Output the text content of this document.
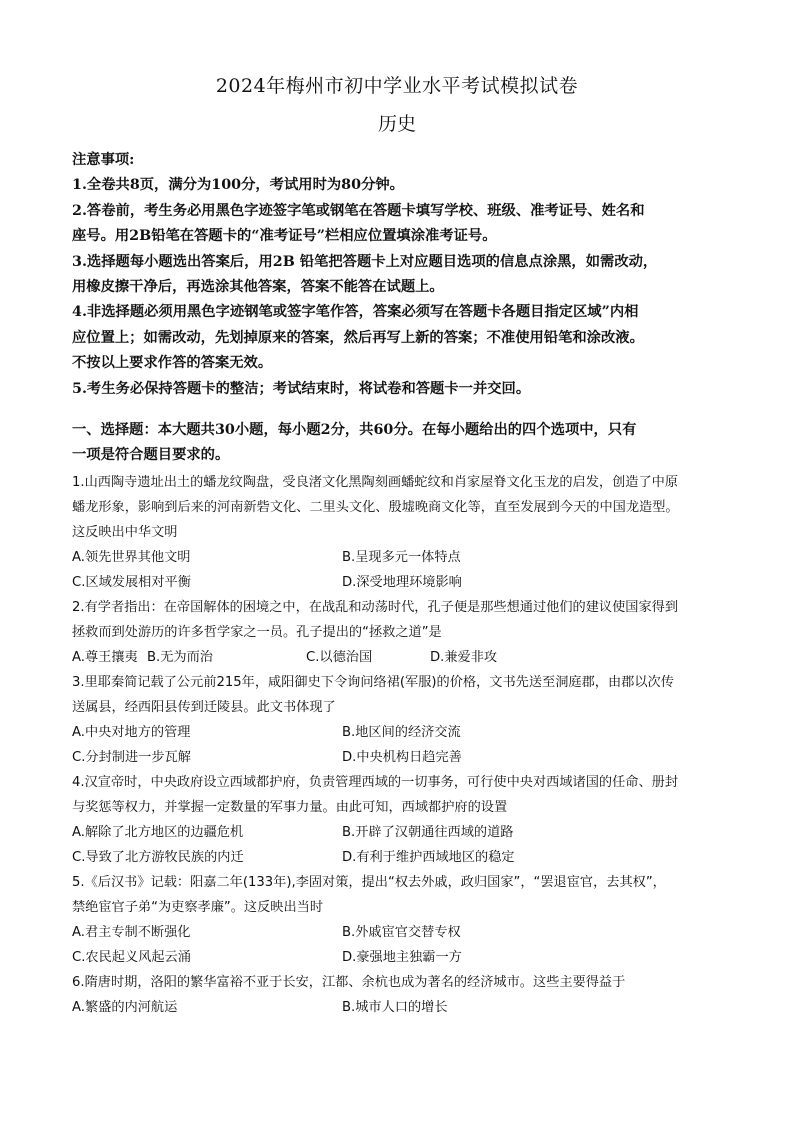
2024年梅州市初中学业水平考试模拟试卷
历史
注意事项:
1.全卷共8页，满分为100分，考试用时为80分钟。
2.答卷前，考生务必用黑色字迹签字笔或钢笔在答题卡填写学校、班级、准考证号、姓名和
座号。用2B铅笔在答题卡的“准考证号”栏相应位置填涂准考证号。
3.选择题每小题选出答案后，用2B 铅笔把答题卡上对应题目选项的信息点涂黑，如需改动，
用橡皮擦干净后，再选涂其他答案，答案不能答在试题上。
4.非选择题必须用黑色字迹钢笔或签字笔作答，答案必须写在答题卡各题目指定区域”内相
应位置上；如需改动，先划掉原来的答案，然后再写上新的答案；不准使用铅笔和涂改液。
不按以上要求作答的答案无效。
5.考生务必保持答题卡的整洁；考试结束时，将试卷和答题卡一并交回。
一、选择题：本大题共30小题，每小题2分，共60分。在每小题给出的四个选项中，只有
一项是符合题目要求的。
1.山西陶寺遗址出土的蟠龙纹陶盘，受良渚文化黑陶刻画蟠蛇纹和肖家屋脊文化玉龙的启发，创造了中原
蟠龙形象，影响到后来的河南新砦文化、二里头文化、殷墟晚商文化等，直至发展到今天的中国龙造型。
这反映出中华文明
A.领先世界其他文明	B.呈现多元一体特点
C.区域发展相对平衡	D.深受地理环境影响
2.有学者指出：在帝国解体的困境之中，在战乱和动荡时代，孔子便是那些想通过他们的建议使国家得到
拯救而到处游历的许多哲学家之一员。孔子提出的“拯救之道”是
A.尊王攘夷 B.无为而治	C.以德治国	D.兼爱非攻
3.里耶秦简记载了公元前215年，咸阳御史下令询问络裙(军服)的价格，文书先送至洞庭郡，由郡以次传
送属县，经西阳县传到迁陵县。此文书体现了
A.中央对地方的管理	B.地区间的经济交流
C.分封制进一步瓦解	D.中央机构日趋完善
4.汉宣帝时，中央政府设立西域都护府，负责管理西域的一切事务，可行使中央对西域诸国的任命、册封
与奖惩等权力，并掌握一定数量的军事力量。由此可知，西域都护府的设置
A.解除了北方地区的边疆危机	B.开辟了汉朝通往西域的道路
C.导致了北方游牧民族的内迁	D.有利于维护西域地区的稳定
5.《后汉书》记载：阳嘉二年(133年),李固对策，提出“权去外戚，政归国家”，“罢退宦官，去其权”，
禁绝宦官子弟“为吏察孝廉”。这反映出当时
A.君主专制不断强化	B.外戚宦官交替专权
C.农民起义风起云涌	D.豪强地主独霸一方
6.隋唐时期，洛阳的繁华富裕不亚于长安，江都、余杭也成为著名的经济城市。这些主要得益于
A.繁盛的内河航运	B.城市人口的增长
